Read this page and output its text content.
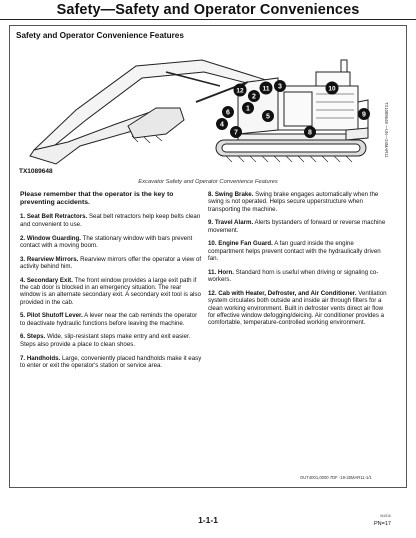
Safety—Safety and Operator Conveniences
Safety and Operator Convenience Features
1
2
3
4
5
6
7	8
9
10
11
12
TX1089648
TX1089648 —UN—24MAR11
Excavator Safety and Operator Convenience Features

Please remember that the operator is the key to preventing accidents.

1. Seat Belt Retractors. Seat belt retractors help keep belts clean and convenient to use.

2. Window Guarding. The stationary window with bars prevent contact with a moving boom.

3. Rearview Mirrors. Rearview mirrors offer the operator a view of activity behind him.

4. Secondary Exit. The front window provides a large exit path if the cab door is blocked in an emergency situation. The rear window is an alternate secondary exit. A secondary exit tool is also provided in the cab.

5. Pilot Shutoff Lever. A lever near the cab reminds the operator to deactivate hydraulic functions before leaving the machine.

6. Steps. Wide, slip-resistant steps make entry and exit easier. Steps also provide a place to clean shoes.

7. Handholds. Large, conveniently placed handholds make it easy to enter or exit the operator's station or service area.

8. Swing Brake. Swing brake engages automatically when the swing is not operated. Helps secure upperstructure when transporting the machine.

9. Travel Alarm. Alerts bystanders of forward or reverse machine movement.

10. Engine Fan Guard. A fan guard inside the engine compartment helps prevent contact with the hydraulically driven fan.

11. Horn. Standard horn is useful when driving or signaling co-workers.

12. Cab with Heater, Defroster, and Air Conditioner. Ventilation system circulates both outside and inside air through filters for a clean working environment. Built in defroster vents direct air flow for effective window defogging/deicing. Air conditioner provides a comfortable, temperature-controlled working environment.

OUT4001,0000 7DF -19-25MAR11-1/1
1-1-1	041516
PN=17
